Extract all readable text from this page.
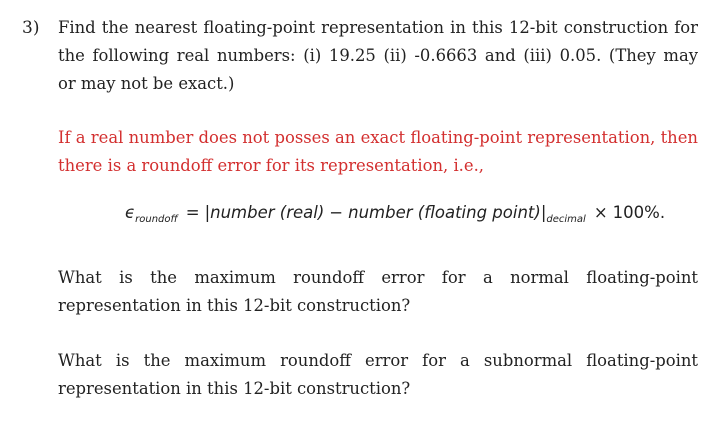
3) Find the nearest floating-point representation in this 12-bit construction for
the following real numbers: (i) 19.25 (ii) -0.6663 and (iii) 0.05. (They may
or may not be exact.)
If a real number does not posses an exact floating-point representation, then
there is a roundoff error for its representation, i.e.,
$\epsilon_{roundoff}$ = |number (real) − number (floating $point)|_{decimal} \times 100\%$.
What is the maximum roundoff error for a normal floating-point
representation in this 12-bit construction?
What is the maximum roundoff error for a subnormal floating-point
representation in this 12-bit construction?
